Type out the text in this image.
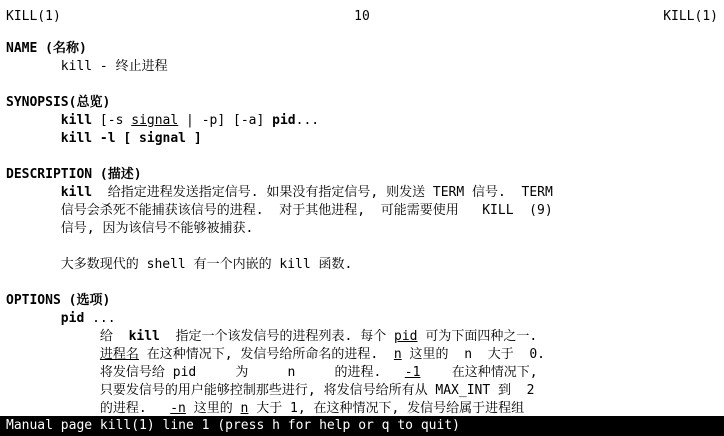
KILL(1)	10	KILL(1)
NAME (名称)
kill - 终止进程
SYNOPSIS(总览)
kill [-s signal | -p] [-a] pid...
kill -l [ signal ]
DESCRIPTION (描述)
kill  给指定进程发送指定信号. 如果没有指定信号, 则发送 TERM 信号.  TERM
信号会杀死不能捕获该信号的进程.  对于其他进程,  可能需要使用   KILL  (9)
信号, 因为该信号不能够被捕获.
大多数现代的 shell 有一个内嵌的 kill 函数.
OPTIONS (选项)
pid ...
给  kill  指定一个该发信号的进程列表. 每个 pid 可为下面四种之一.
进程名 在这种情况下, 发信号给所命名的进程.  n 这里的  n  大于  0.
将发信号给 pid     为     n     的进程.   -1    在这种情况下,
只要发信号的用户能够控制那些进行, 将发信号给所有从 MAX_INT 到  2
的进程.   -n 这里的 n 大于 1, 在这种情况下, 发信号给属于进程组
Manual page kill(1) line 1 (press h for help or q to quit)
